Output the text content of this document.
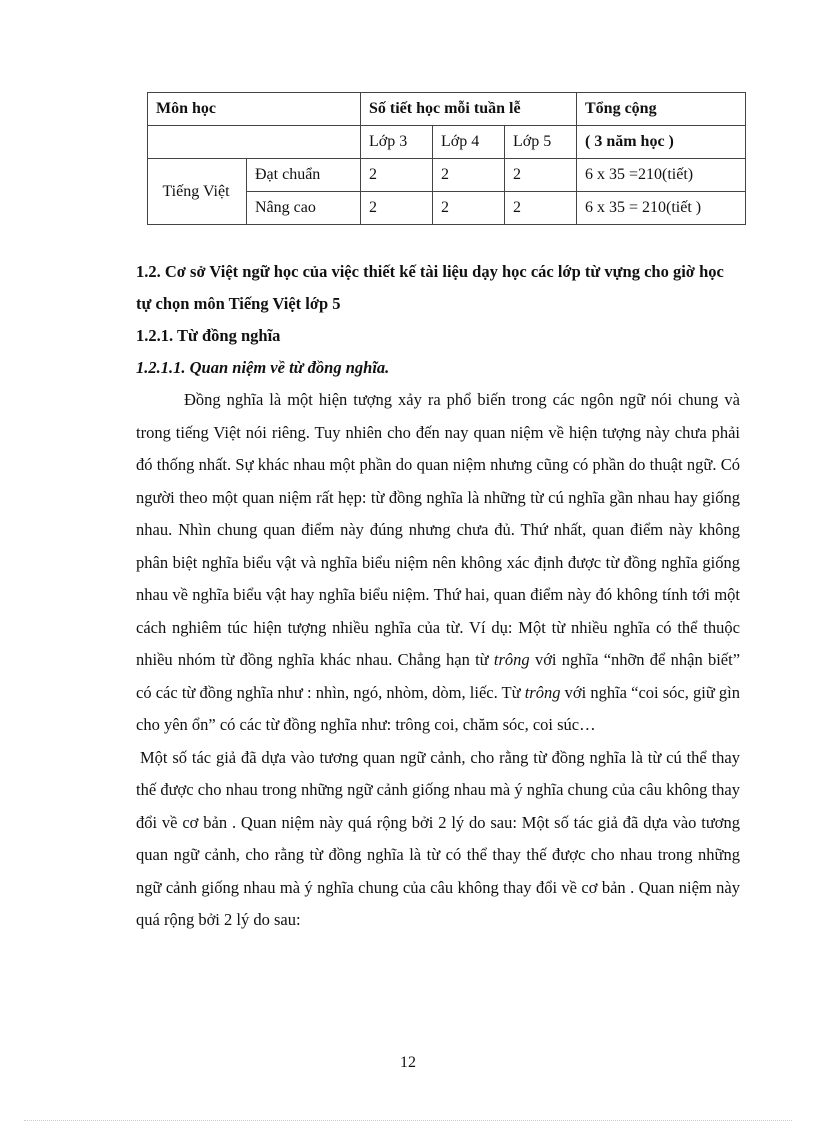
Môn học		Số tiết học mỗi tuần lễ			Tổng cộng
		Lớp 3	Lớp 4	Lớp 5	( 3 năm học )
Tiếng Việt	Đạt chuẩn	2	2	2	6 x 35 =210(tiết)
	Nâng cao	2	2	2	6 x 35 = 210(tiết )

1.2. Cơ sở Việt ngữ học của việc thiết kế tài liệu dạy học các lớp từ vựng cho giờ học tự chọn môn Tiếng Việt lớp 5

1.2.1. Từ đồng nghĩa

1.2.1.1. Quan niệm về từ đồng nghĩa.

Đồng nghĩa là một hiện tượng xảy ra phổ biến trong các ngôn ngữ nói chung và trong tiếng Việt nói riêng. Tuy nhiên cho đến nay quan niệm về hiện tượng này chưa phải đó thống nhất. Sự khác nhau một phần do quan niệm nhưng cũng có phần do thuật ngữ. Có người theo một quan niệm rất hẹp: từ đồng nghĩa là những từ cú nghĩa gần nhau hay giống nhau. Nhìn chung quan điểm này đúng nhưng chưa đủ. Thứ nhất, quan điểm này không phân biệt nghĩa biểu vật và nghĩa biểu niệm nên không xác định được từ đồng nghĩa giống nhau về nghĩa biểu vật hay nghĩa biểu niệm. Thứ hai, quan điểm này đó không tính tới một cách nghiêm túc hiện tượng nhiều nghĩa của từ. Ví dụ: Một từ nhiều nghĩa có thể thuộc nhiều nhóm từ đồng nghĩa khác nhau. Chẳng hạn từ trông với nghĩa “nhỡn để nhận biết” có các từ đồng nghĩa như : nhìn, ngó, nhòm, dòm, liếc. Từ trông với nghĩa “coi sóc, giữ gìn cho yên ổn” có các từ đồng nghĩa như: trông coi, chăm sóc, coi súc…

Một số tác giả đã dựa vào tương quan ngữ cảnh, cho rằng từ đồng nghĩa là từ cú thể thay thế được cho nhau trong những ngữ cảnh giống nhau mà ý nghĩa chung của câu không thay đổi về cơ bản . Quan niệm này quá rộng bởi 2 lý do sau: Một số tác giả đã dựa vào tương quan ngữ cảnh, cho rằng từ đồng nghĩa là từ có thể thay thế được cho nhau trong những ngữ cảnh giống nhau mà ý nghĩa chung của câu không thay đổi về cơ bản . Quan niệm này quá rộng bởi 2 lý do sau:

12
